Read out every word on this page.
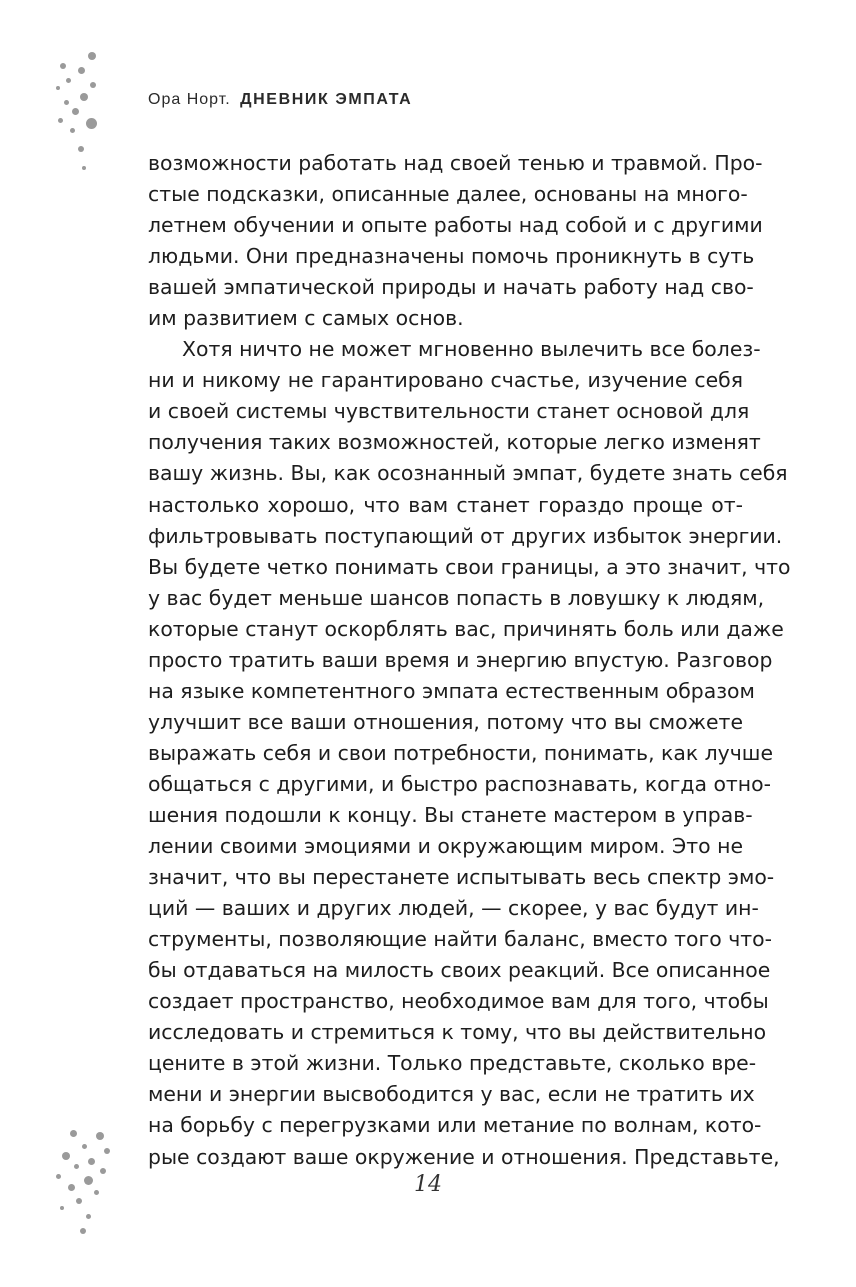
Ора Норт. ДНЕВНИК ЭМПАТА
возможности работать над своей тенью и травмой. Про-
стые подсказки, описанные далее, основаны на много-
летнем обучении и опыте работы над собой и с другими
людьми. Они предназначены помочь проникнуть в суть
вашей эмпатической природы и начать работу над сво-
им развитием с самых основ.
Хотя ничто не может мгновенно вылечить все болез-
ни и никому не гарантировано счастье, изучение себя
и своей системы чувствительности станет основой для
получения таких возможностей, которые легко изменят
вашу жизнь. Вы, как осознанный эмпат, будете знать себя
настолько хорошо, что вам станет гораздо проще от-
фильтровывать поступающий от других избыток энергии.
Вы будете четко понимать свои границы, а это значит, что
у вас будет меньше шансов попасть в ловушку к людям,
которые станут оскорблять вас, причинять боль или даже
просто тратить ваши время и энергию впустую. Разговор
на языке компетентного эмпата естественным образом
улучшит все ваши отношения, потому что вы сможете
выражать себя и свои потребности, понимать, как лучше
общаться с другими, и быстро распознавать, когда отно-
шения подошли к концу. Вы станете мастером в управ-
лении своими эмоциями и окружающим миром. Это не
значит, что вы перестанете испытывать весь спектр эмо-
ций — ваших и других людей, — скорее, у вас будут ин-
струменты, позволяющие найти баланс, вместо того что-
бы отдаваться на милость своих реакций. Все описанное
создает пространство, необходимое вам для того, чтобы
исследовать и стремиться к тому, что вы действительно
цените в этой жизни. Только представьте, сколько вре-
мени и энергии высвободится у вас, если не тратить их
на борьбу с перегрузками или метание по волнам, кото-
рые создают ваше окружение и отношения. Представьте,
14
